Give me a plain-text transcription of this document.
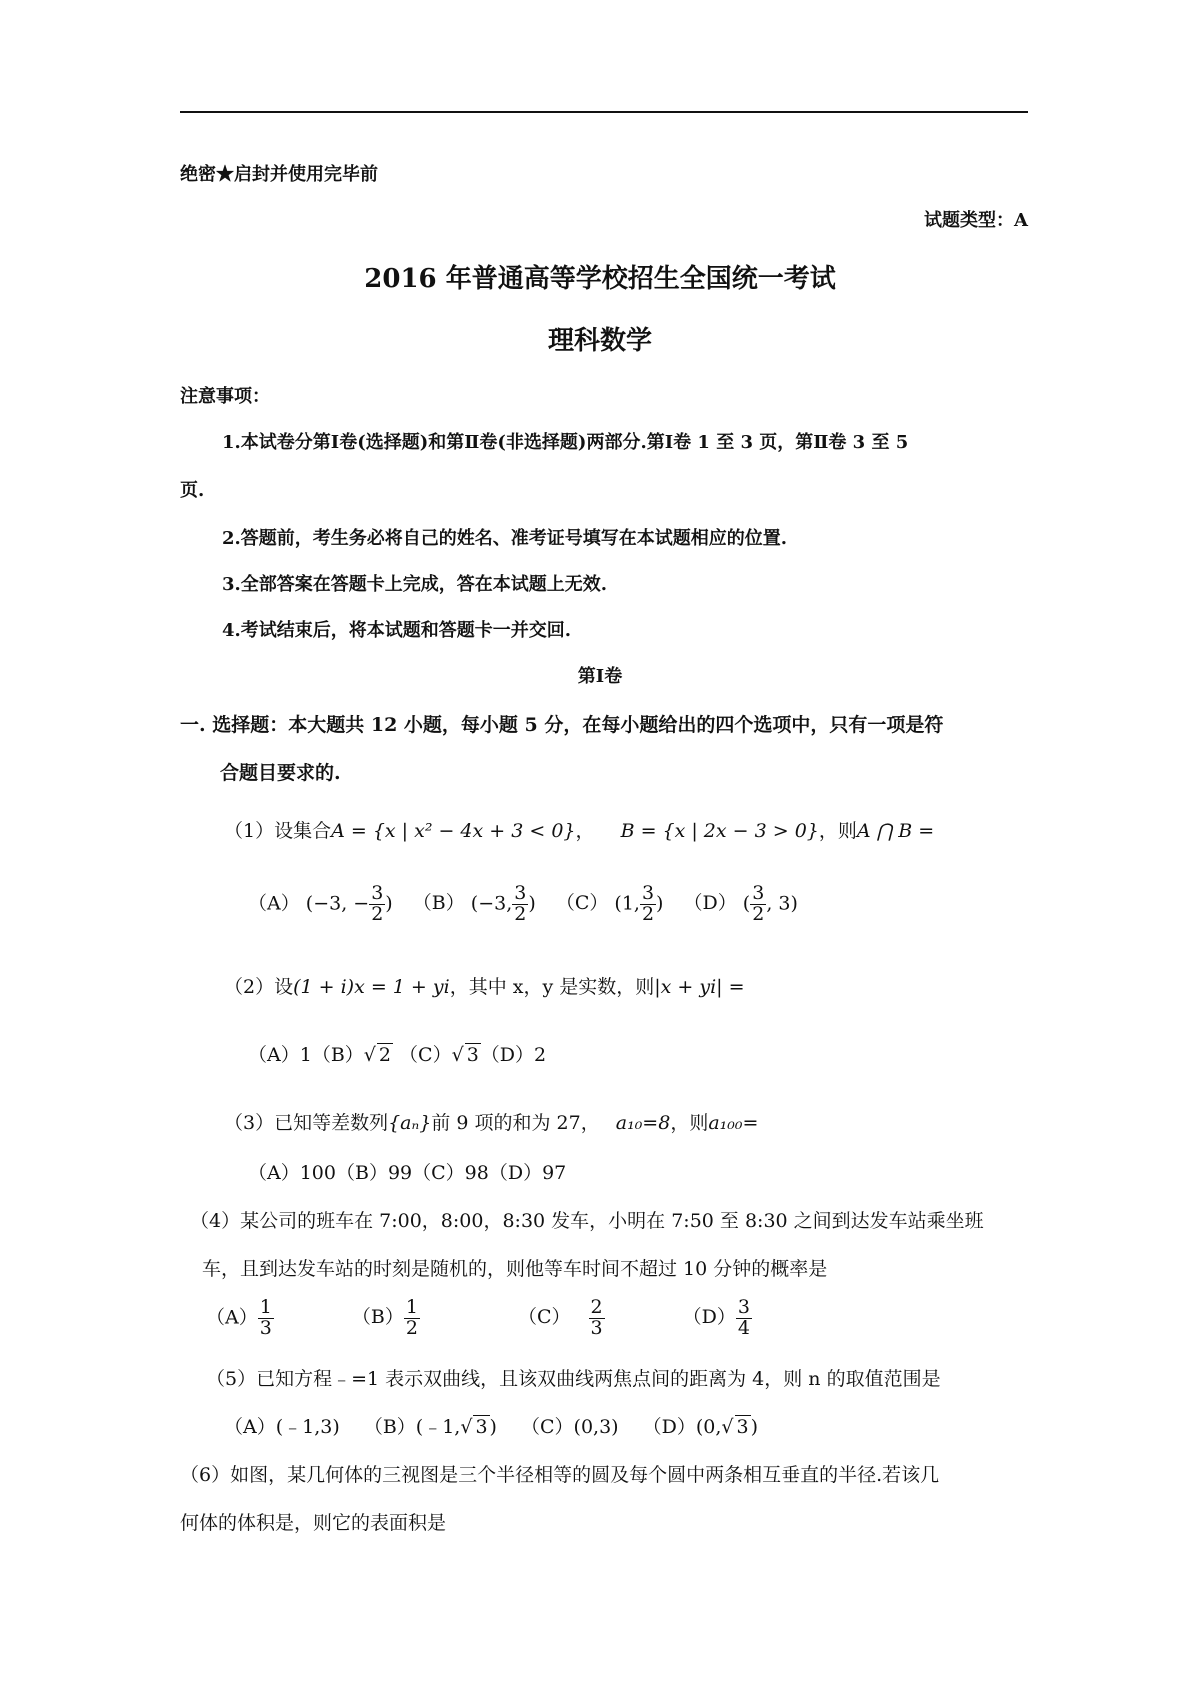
绝密★启封并使用完毕前
试题类型：A
2016 年普通高等学校招生全国统一考试
理科数学
注意事项：
1.本试卷分第Ⅰ卷(选择题)和第Ⅱ卷(非选择题)两部分.第Ⅰ卷 1 至 3 页，第Ⅱ卷 3 至 5
页.
2.答题前，考生务必将自己的姓名、准考证号填写在本试题相应的位置.
3.全部答案在答题卡上完成，答在本试题上无效.
4.考试结束后，将本试题和答题卡一并交回.
第Ⅰ卷
一. 选择题：本大题共 12 小题，每小题 5 分，在每小题给出的四个选项中，只有一项是符
合题目要求的.
（1）设集合A = {x | x² − 4x + 3 < 0}， B = {x | 2x − 3 > 0}，则A ⋂ B =
（A） (−3, − $\frac{3}{2}$ ) （B） (−3, $\frac{3}{2}$ ) （C） (1, $\frac{3}{2}$ ) （D） ( $\frac{3}{2}$ , 3)
（2）设(1 + i)x = 1 + yi，其中 x，y 是实数，则|x + yi| =
（A）1（B）√ 2 （C）√ 3 （D）2
（3）已知等差数列{aₙ}前 9 项的和为 27， a₁₀=8，则a₁₀₀=
（A）100（B）99（C）98（D）97
（4）某公司的班车在 7:00，8:00，8:30 发车，小明在 7:50 至 8:30 之间到达发车站乘坐班
车，且到达发车站的时刻是随机的，则他等车时间不超过 10 分钟的概率是
$(A) \frac{1}{3}$	$(B) \frac{1}{2}$	$(C) \frac{2}{3}$	$(D) \frac{3}{4}$
（5）已知方程﹣=1 表示双曲线，且该双曲线两焦点间的距离为 4，则 n 的取值范围是
（A）(﹣1,3) （B）(﹣1,√ 3 ) （C）(0,3) （D）(0,√ 3 )
（6）如图，某几何体的三视图是三个半径相等的圆及每个圆中两条相互垂直的半径.若该几
何体的体积是，则它的表面积是
